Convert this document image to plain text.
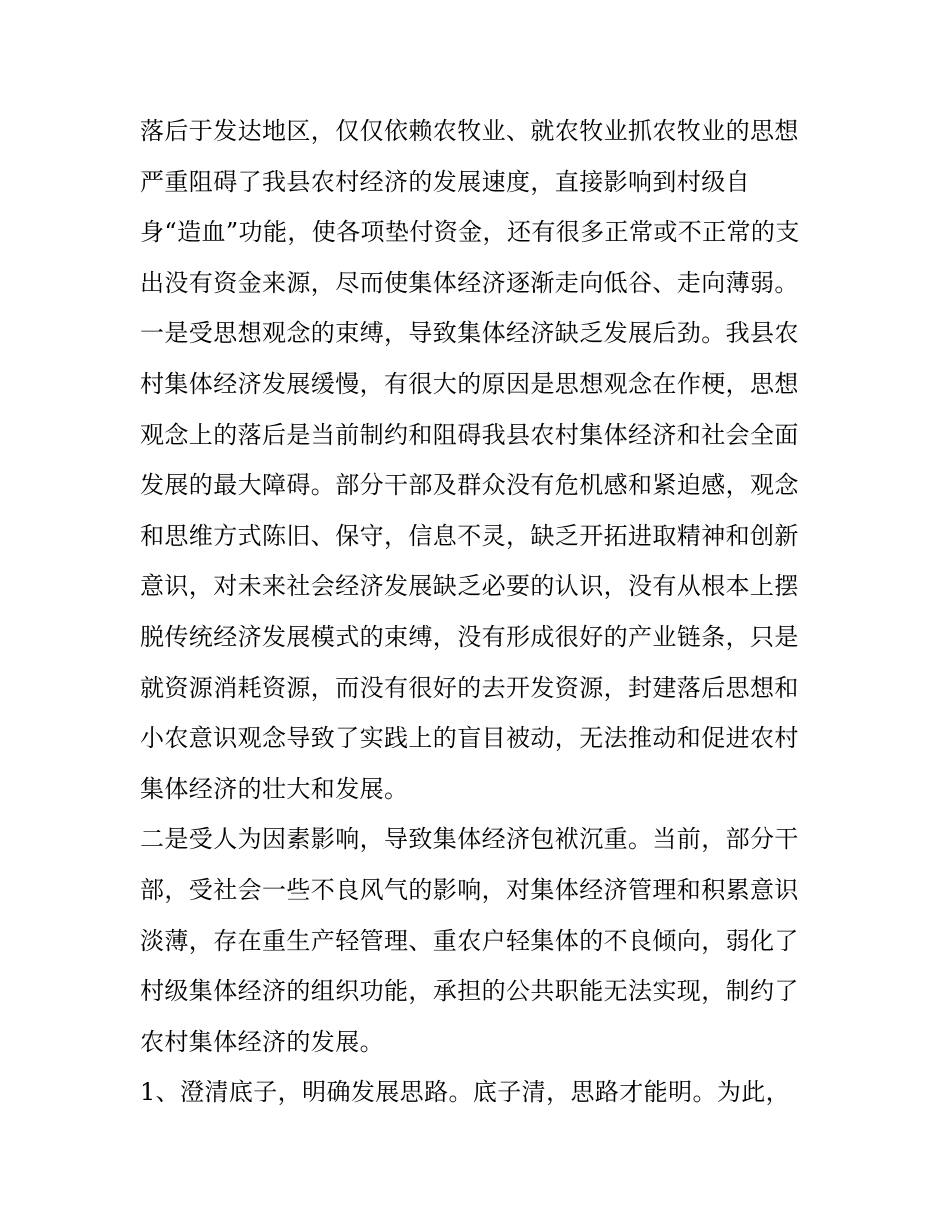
落后于发达地区，仅仅依赖农牧业、就农牧业抓农牧业的思想
严重阻碍了我县农村经济的发展速度，直接影响到村级自
身“造血”功能，使各项垫付资金，还有很多正常或不正常的支
出没有资金来源，尽而使集体经济逐渐走向低谷、走向薄弱。
一是受思想观念的束缚，导致集体经济缺乏发展后劲。我县农
村集体经济发展缓慢，有很大的原因是思想观念在作梗，思想
观念上的落后是当前制约和阻碍我县农村集体经济和社会全面
发展的最大障碍。部分干部及群众没有危机感和紧迫感，观念
和思维方式陈旧、保守，信息不灵，缺乏开拓进取精神和创新
意识，对未来社会经济发展缺乏必要的认识，没有从根本上摆
脱传统经济发展模式的束缚，没有形成很好的产业链条，只是
就资源消耗资源，而没有很好的去开发资源，封建落后思想和
小农意识观念导致了实践上的盲目被动，无法推动和促进农村
集体经济的壮大和发展。
二是受人为因素影响，导致集体经济包袱沉重。当前，部分干
部，受社会一些不良风气的影响，对集体经济管理和积累意识
淡薄，存在重生产轻管理、重农户轻集体的不良倾向，弱化了
村级集体经济的组织功能，承担的公共职能无法实现，制约了
农村集体经济的发展。
1、澄清底子，明确发展思路。底子清，思路才能明。为此，
